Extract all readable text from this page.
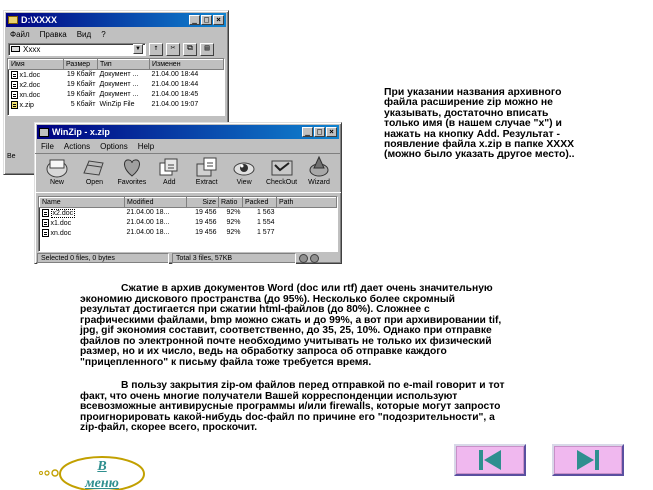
D:\XXXX	_ □ ×
Файл Правка Вид ?
Xxxx	▼	↑	✂	⧉	▤
Имя	Размер	Тип	Изменен
x1.doc	19 Кбайт	Документ ...	21.04.00 18:44
x2.doc	19 Кбайт	Документ ...	21.04.00 18:44
xn.doc	19 Кбайт	Документ ...	21.04.00 18:45
x.zip	5 Кбайт	WinZip File	21.04.00 19:07
Be
WinZip - x.zip	_ □ ×
File Actions Options Help
New	Open Favorites Add	Extract	View CheckOut Wizard
Name	Modified	Size	Ratio	Packed	Path
x2.doc	21.04.00 18...	19 456	92%	1 563	
x1.doc	21.04.00 18...	19 456	92%	1 554	
xn.doc	21.04.00 18...	19 456	92%	1 577	
Selected 0 files, 0 bytes	Total 3 files, 57KB
При указании названия архивного
файла расширение zip можно не
указывать, достаточно вписать
только имя (в нашем случае "x") и
нажать на кнопку Add. Результат -
появление файла x.zip в папке XXXX
(можно было указать другое место)..
Сжатие в архив документов Word (doc или rtf) дает очень значительную
экономию дискового пространства (до 95%). Несколько более скромный
результат достигается при сжатии html-файлов (до 80%). Сложнее с
графическими файлами, bmp можно сжать и до 99%, а вот при архивировании tif,
jpg, gif экономия составит, соответственно, до 35, 25, 10%. Однако при отправке
файлов по электронной почте необходимо учитывать не только их физический
размер, но и их число, ведь на обработку запроса об отправке каждого
"прицепленного" к письму файла тоже требуется время.
В пользу закрытия zip-ом файлов перед отправкой по e-mail говорит и тот
факт, что очень многие получатели Вашей корреспонденции используют
всевозможные антивирусные программы и/или firewalls, которые могут запросто
проигнорировать какой-нибудь doc-файл по причине его "подозрительности", а
zip-файл, скорее всего, проскочит.
В
меню
